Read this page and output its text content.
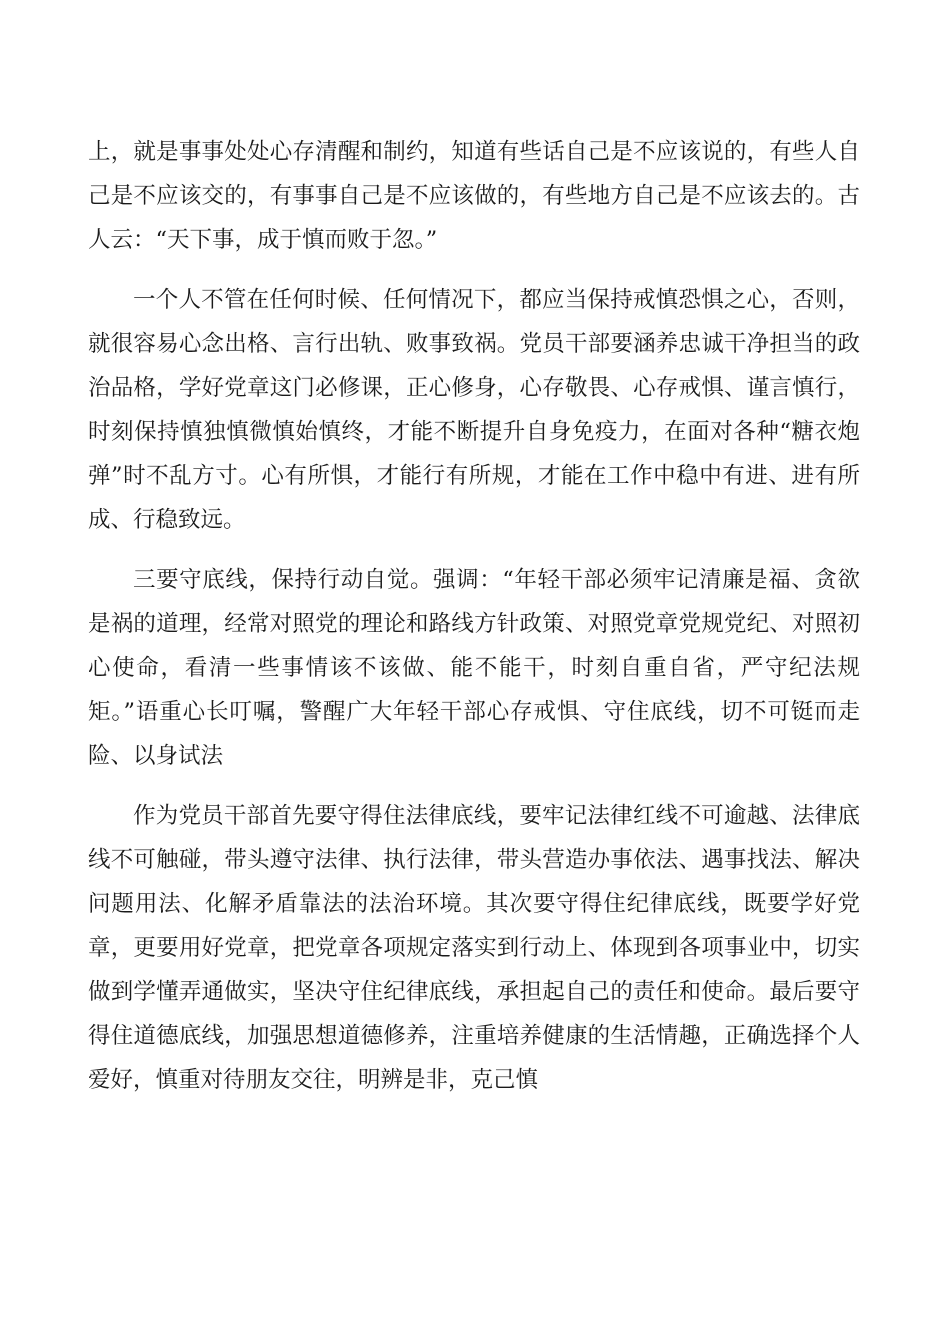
上，就是事事处处心存清醒和制约，知道有些话自己是不应该说的，有些人自己是不应该交的，有事事自己是不应该做的，有些地方自己是不应该去的。古人云：“天下事，成于慎而败于忽。”

一个人不管在任何时候、任何情况下，都应当保持戒慎恐惧之心，否则，就很容易心念出格、言行出轨、败事致祸。党员干部要涵养忠诚干净担当的政治品格，学好党章这门必修课，正心修身，心存敬畏、心存戒惧、谨言慎行，时刻保持慎独慎微慎始慎终，才能不断提升自身免疫力，在面对各种“糖衣炮弹”时不乱方寸。心有所惧，才能行有所规，才能在工作中稳中有进、进有所成、行稳致远。

三要守底线，保持行动自觉。强调：“年轻干部必须牢记清廉是福、贪欲是祸的道理，经常对照党的理论和路线方针政策、对照党章党规党纪、对照初心使命，看清一些事情该不该做、能不能干，时刻自重自省，严守纪法规矩。”语重心长叮嘱，警醒广大年轻干部心存戒惧、守住底线，切不可铤而走险、以身试法

作为党员干部首先要守得住法律底线，要牢记法律红线不可逾越、法律底线不可触碰，带头遵守法律、执行法律，带头营造办事依法、遇事找法、解决问题用法、化解矛盾靠法的法治环境。其次要守得住纪律底线，既要学好党章，更要用好党章，把党章各项规定落实到行动上、体现到各项事业中，切实做到学懂弄通做实，坚决守住纪律底线，承担起自己的责任和使命。最后要守得住道德底线，加强思想道德修养，注重培养健康的生活情趣，正确选择个人爱好，慎重对待朋友交往，明辨是非，克己慎
